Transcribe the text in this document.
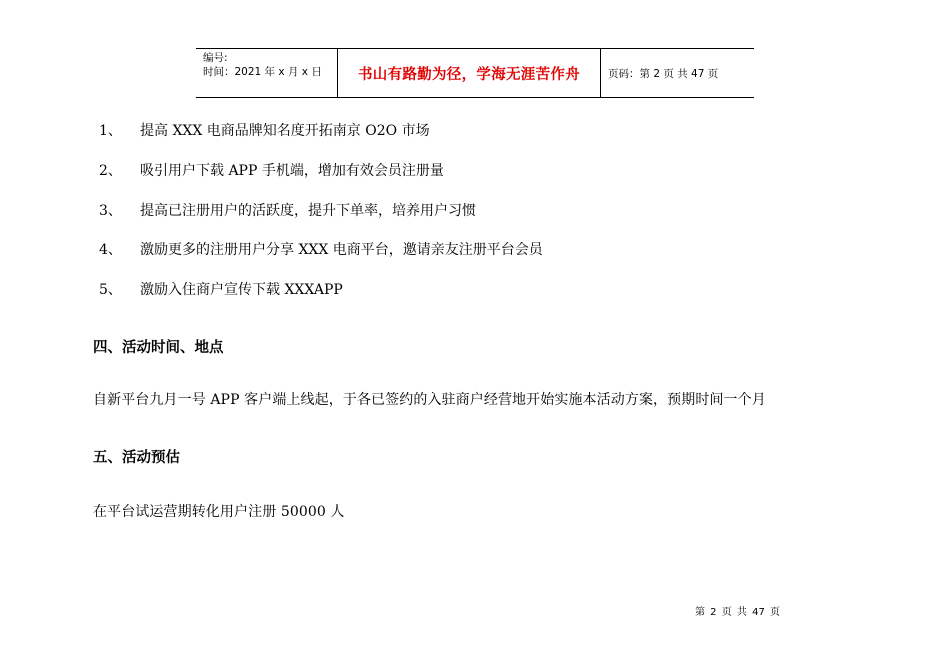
编号:
时间：2021 年 x 月 x 日	书山有路勤为径，学海无涯苦作舟	页码：第 2 页 共 47 页
1、 提高 XXX 电商品牌知名度开拓南京 O2O 市场
2、 吸引用户下载 APP 手机端，增加有效会员注册量
3、 提高已注册用户的活跃度，提升下单率，培养用户习惯
4、 激励更多的注册用户分享 XXX 电商平台，邀请亲友注册平台会员
5、 激励入住商户宣传下载 XXXAPP
四、活动时间、地点
自新平台九月一号 APP 客户端上线起，于各已签约的入驻商户经营地开始实施本活动方案，预期时间一个月
五、活动预估
在平台试运营期转化用户注册 50000 人
第 2 页 共 47 页
